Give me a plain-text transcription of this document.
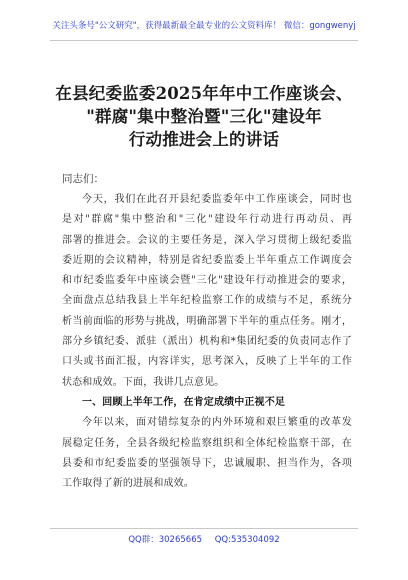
关注头条号"公文研究"，获得最新最全最专业的公文资料库！ 微信：gongwenyj
在县纪委监委2025年年中工作座谈会、
"群腐"集中整治暨"三化"建设年
行动推进会上的讲话
同志们：
今天，我们在此召开县纪委监委年中工作座谈会，同时也
是对"群腐"集中整治和"三化"建设年行动进行再动员、再
部署的推进会。会议的主要任务是，深入学习贯彻上级纪委监
委近期的会议精神，特别是省纪委监委上半年重点工作调度会
和市纪委监委年中座谈会暨"三化"建设年行动推进会的要求，
全面盘点总结我县上半年纪检监察工作的成绩与不足，系统分
析当前面临的形势与挑战，明确部署下半年的重点任务。刚才，
部分乡镇纪委、派驻（派出）机构和*集团纪委的负责同志作了
口头或书面汇报，内容详实，思考深入，反映了上半年的工作
状态和成效。下面，我讲几点意见。
一、回顾上半年工作，在肯定成绩中正视不足
今年以来，面对错综复杂的内外环境和艰巨繁重的改革发
展稳定任务，全县各级纪检监察组织和全体纪检监察干部，在
县委和市纪委监委的坚强领导下，忠诚履职、担当作为，各项
工作取得了新的进展和成效。
QQ群：30265665 QQ:535304092
